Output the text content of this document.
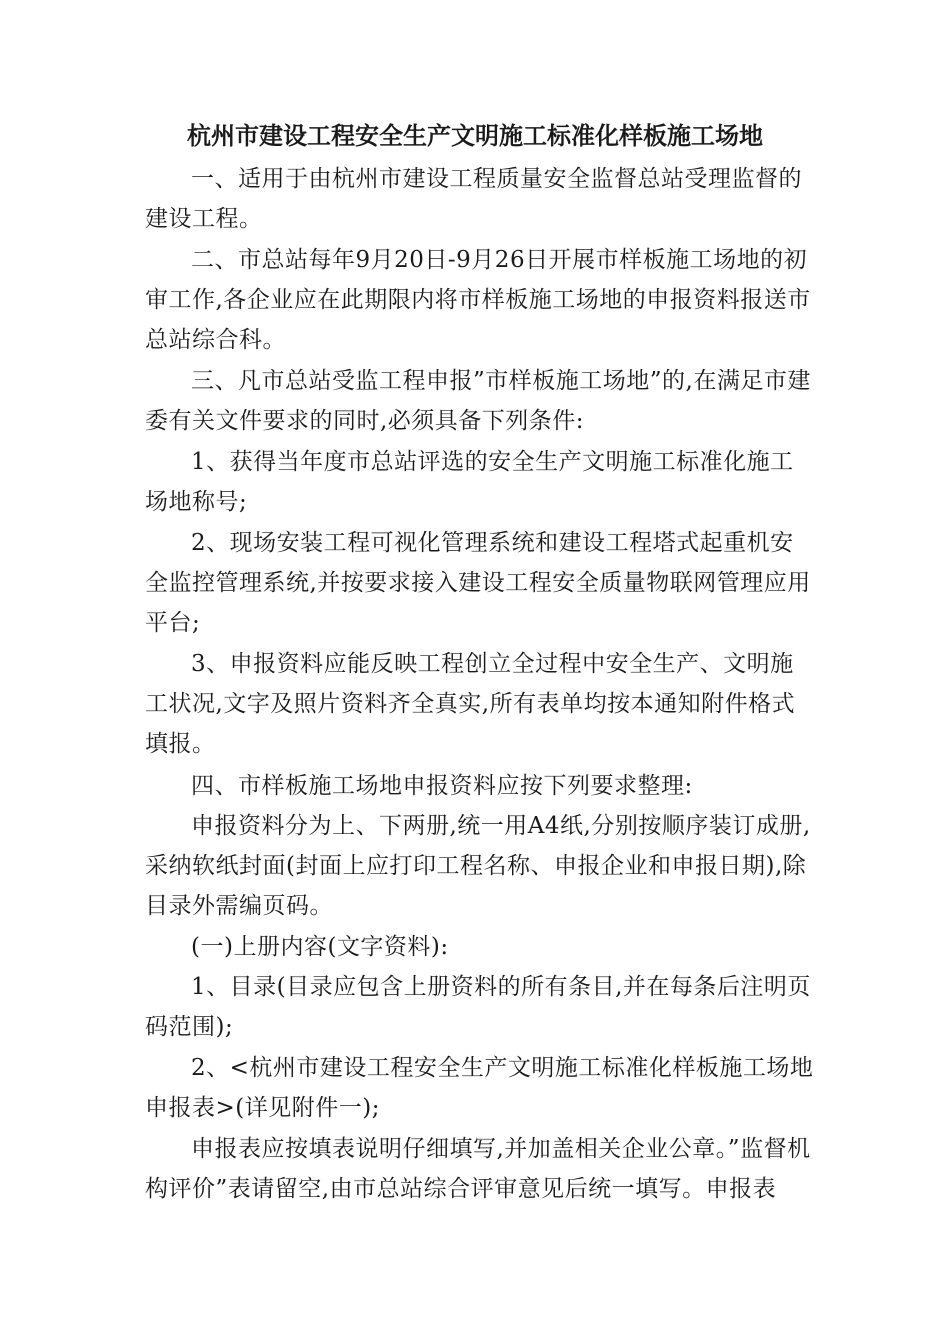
杭州市建设工程安全生产文明施工标准化样板施工场地

一、适用于由杭州市建设工程质量安全监督总站受理监督的建设工程。

二、市总站每年9月20日-9月26日开展市样板施工场地的初审工作,各企业应在此期限内将市样板施工场地的申报资料报送市总站综合科。

三、凡市总站受监工程申报”市样板施工场地”的,在满足市建委有关文件要求的同时,必须具备下列条件:

1、获得当年度市总站评选的安全生产文明施工标准化施工场地称号;

2、现场安装工程可视化管理系统和建设工程塔式起重机安全监控管理系统,并按要求接入建设工程安全质量物联网管理应用平台;

3、申报资料应能反映工程创立全过程中安全生产、文明施工状况,文字及照片资料齐全真实,所有表单均按本通知附件格式填报。

四、市样板施工场地申报资料应按下列要求整理:

申报资料分为上、下两册,统一用A4纸,分别按顺序装订成册,采纳软纸封面(封面上应打印工程名称、申报企业和申报日期),除目录外需编页码。

(一)上册内容(文字资料):

1、目录(目录应包含上册资料的所有条目,并在每条后注明页码范围);

2、<杭州市建设工程安全生产文明施工标准化样板施工场地申报表>(详见附件一);

申报表应按填表说明仔细填写,并加盖相关企业公章。”监督机构评价”表请留空,由市总站综合评审意见后统一填写。申报表
